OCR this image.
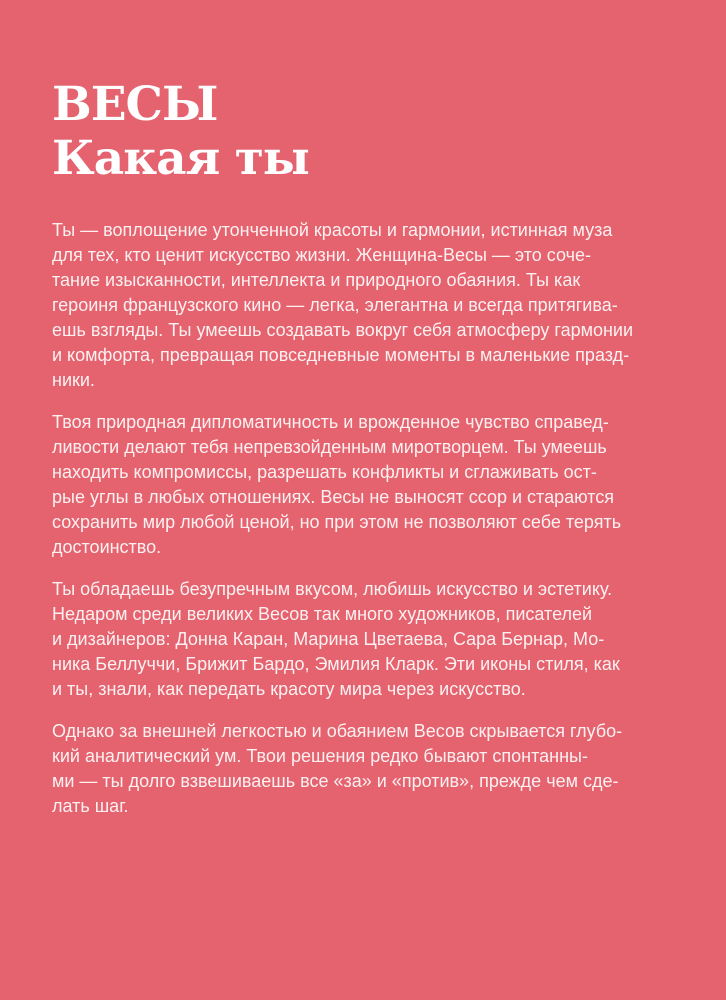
ВЕСЫ
Какая ты

Ты — воплощение утонченной красоты и гармонии, истинная муза
для тех, кто ценит искусство жизни. Женщина-Весы — это соче-
тание изысканности, интеллекта и природного обаяния. Ты как
героиня французского кино — легка, элегантна и всегда притягива-
ешь взгляды. Ты умеешь создавать вокруг себя атмосферу гармонии
и комфорта, превращая повседневные моменты в маленькие празд-
ники.

Твоя природная дипломатичность и врожденное чувство справед-
ливости делают тебя непревзойденным миротворцем. Ты умеешь
находить компромиссы, разрешать конфликты и сглаживать ост-
рые углы в любых отношениях. Весы не выносят ссор и стараются
сохранить мир любой ценой, но при этом не позволяют себе терять
достоинство.

Ты обладаешь безупречным вкусом, любишь искусство и эстетику.
Недаром среди великих Весов так много художников, писателей
и дизайнеров: Донна Каран, Марина Цветаева, Сара Бернар, Мо-
ника Беллуччи, Брижит Бардо, Эмилия Кларк. Эти иконы стиля, как
и ты, знали, как передать красоту мира через искусство.

Однако за внешней легкостью и обаянием Весов скрывается глубо-
кий аналитический ум. Твои решения редко бывают спонтанны-
ми — ты долго взвешиваешь все «за» и «против», прежде чем сде-
лать шаг.
